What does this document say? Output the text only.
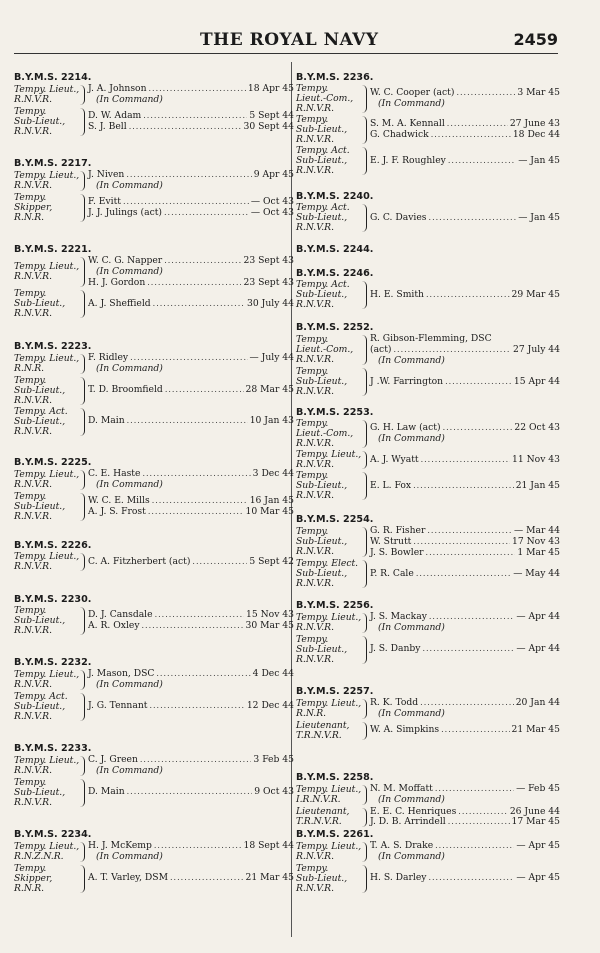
THE ROYAL NAVY	2459
B.Y.M.S. 2214.
Tempy. Lieut.,
R.N.V.R.
J. A. Johnson .....	18 Apr 45
(In Command)
Tempy.
Sub-Lieut.,
R.N.V.R.
D. W. Adam .....	5 Sept 44
S. J. Bell .....	30 Sept 44
B.Y.M.S. 2217.
Tempy. Lieut.,
R.N.V.R.
J. Niven .....	9 Apr 45
(In Command)
Tempy.
Skipper,
R.N.R.
F. Evitt .....	— Oct 43
J. J. Julings (act) .....	— Oct 43
B.Y.M.S. 2221.
Tempy. Lieut.,
R.N.V.R.
W. C. G. Napper .....	23 Sept 43
(In Command)
H. J. Gordon .....	23 Sept 43
Tempy.
Sub-Lieut.,
R.N.V.R.
A. J. Sheffield .....	30 July 44
B.Y.M.S. 2223.
Tempy. Lieut.,
R.N.R.
F. Ridley .....	— July 44
(In Command)
Tempy.
Sub-Lieut.,
R.N.V.R.
T. D. Broomfield .....	28 Mar 45
Tempy. Act.
Sub-Lieut.,
R.N.V.R.
D. Main .....	10 Jan 43
B.Y.M.S. 2225.
Tempy. Lieut.,
R.N.V.R.
C. E. Haste .....	3 Dec 44
(In Command)
Tempy.
Sub-Lieut.,
R.N.V.R.
W. C. E. Mills .....	16 Jan 45
A. J. S. Frost .....	10 Mar 45
B.Y.M.S. 2226.
Tempy. Lieut.,
R.N.V.R.	C. A. Fitzherbert (act) .....	5 Sept 42
B.Y.M.S. 2230.
Tempy.
Sub-Lieut.,
R.N.V.R.
D. J. Cansdale .....	15 Nov 43
A. R. Oxley .....	30 Mar 45
B.Y.M.S. 2232.
Tempy. Lieut.,
R.N.V.R.
J. Mason, DSC .....	4 Dec 44
(In Command)
Tempy. Act.
Sub-Lieut.,
R.N.V.R.
J. G. Tennant .....	12 Dec 44
B.Y.M.S. 2233.
Tempy. Lieut.,
R.N.V.R.
C. J. Green .....	3 Feb 45
(In Command)
Tempy.
Sub-Lieut.,
R.N.V.R.
D. Main .....	9 Oct 43
B.Y.M.S. 2234.
Tempy. Lieut.,
R.N.Z.N.R.
H. J. McKemp .....	18 Sept 44
(In Command)
Tempy.
Skipper,
R.N.R.
A. T. Varley, DSM .....	21 Mar 45
B.Y.M.S. 2236.
Tempy.
Lieut.-Com.,
R.N.V.R.
W. C. Cooper (act) .....	3 Mar 45
(In Command)
Tempy.
Sub-Lieut.,
R.N.V.R.
S. M. A. Kennall .....	27 June 43
G. Chadwick .....	18 Dec 44
Tempy. Act.
Sub-Lieut.,
R.N.V.R.
E. J. F. Roughley .....	— Jan 45
B.Y.M.S. 2240.
Tempy. Act.
Sub-Lieut.,
R.N.V.R.
G. C. Davies .....	— Jan 45
B.Y.M.S. 2244.
B.Y.M.S. 2246.
Tempy. Act.
Sub-Lieut.,
R.N.V.R.
H. E. Smith .....	29 Mar 45
B.Y.M.S. 2252.
Tempy.
Lieut.-Com.,
R.N.V.R.
R. Gibson-Flemming, DSC
(act) .....	27 July 44
(In Command)
Tempy.
Sub-Lieut.,
R.N.V.R.
J .W. Farrington .....	15 Apr 44
B.Y.M.S. 2253.
Tempy.
Lieut.-Com.,
R.N.V.R.
G. H. Law (act) .....	22 Oct 43
(In Command)
Tempy. Lieut.,
R.N.V.R.	A. J. Wyatt .....	11 Nov 43
Tempy.
Sub-Lieut.,
R.N.V.R.
E. L. Fox .....	21 Jan 45
B.Y.M.S. 2254.
Tempy.
Sub-Lieut.,
R.N.V.R.
G. R. Fisher .....	— Mar 44
W. Strutt .....	17 Nov 43
J. S. Bowler .....	1 Mar 45
Tempy. Elect.
Sub-Lieut.,
R.N.V.R.
P. R. Cale .....	— May 44
B.Y.M.S. 2256.
Tempy. Lieut.,
R.N.V.R.
J. S. Mackay .....	— Apr 44
(In Command)
Tempy.
Sub-Lieut.,
R.N.V.R.
J. S. Danby .....	— Apr 44
B.Y.M.S. 2257.
Tempy. Lieut.,
R.N.R.
R. K. Todd .....	20 Jan 44
(In Command)
Lieutenant,
T.R.N.V.R.	W. A. Simpkins .....	21 Mar 45
B.Y.M.S. 2258.
Tempy. Lieut.,
I.R.N.V.R.
N. M. Moffatt .....	— Feb 45
(In Command)
Lieutenant,
T.R.N.V.R.
E. E. C. Henriques .....	26 June 44
J. D. B. Arrindell .....	17 Mar 45
B.Y.M.S. 2261.
Tempy. Lieut.,
R.N.V.R.
T. A. S. Drake .....	— Apr 45
(In Command)
Tempy.
Sub-Lieut.,
R.N.V.R.
H. S. Darley .....	— Apr 45
